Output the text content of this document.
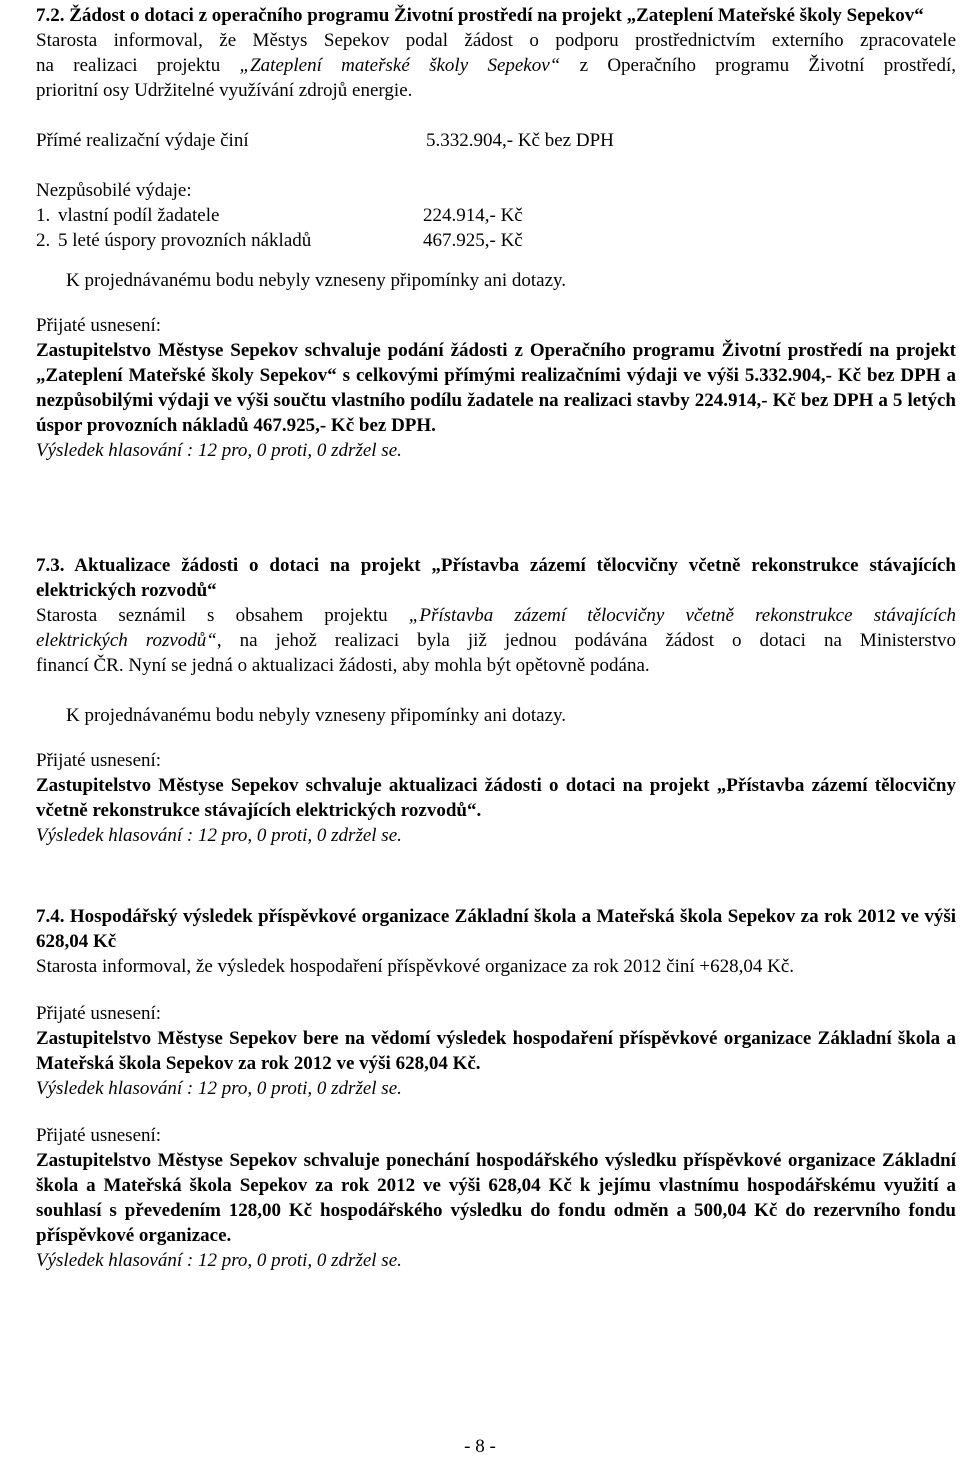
7.2. Žádost o dotaci z operačního programu Životní prostředí na projekt „Zateplení Mateřské školy Sepekov“

Starosta informoval, že Městys Sepekov podal žádost o podporu prostřednictvím externího zpracovatele

na realizaci projektu „Zateplení mateřské školy Sepekov“ z Operačního programu Životní prostředí,

prioritní osy Udržitelné využívání zdrojů energie.

Přímé realizační výdaje činí	5.332.904,- Kč bez DPH

Nezpůsobilé výdaje:

1. vlastní podíl žadatele	224.914,- Kč
2. 5 leté úspory provozních nákladů	467.925,- Kč

K projednávanému bodu nebyly vzneseny připomínky ani dotazy.

Přijaté usnesení:

Zastupitelstvo Městyse Sepekov schvaluje podání žádosti z Operačního programu Životní prostředí na projekt „Zateplení Mateřské školy Sepekov“ s celkovými přímými realizačními výdaji ve výši 5.332.904,- Kč bez DPH a nezpůsobilými výdaji ve výši součtu vlastního podílu žadatele na realizaci stavby 224.914,- Kč bez DPH a 5 letých úspor provozních nákladů 467.925,- Kč bez DPH.

Výsledek hlasování : 12 pro, 0 proti, 0 zdržel se.

7.3. Aktualizace žádosti o dotaci na projekt „Přístavba zázemí tělocvičny včetně rekonstrukce stávajících elektrických rozvodů“

Starosta seznámil s obsahem projektu „Přístavba zázemí tělocvičny včetně rekonstrukce stávajících

elektrických rozvodů“, na jehož realizaci byla již jednou podávána žádost o dotaci na Ministerstvo

financí ČR. Nyní se jedná o aktualizaci žádosti, aby mohla být opětovně podána.

K projednávanému bodu nebyly vzneseny připomínky ani dotazy.

Přijaté usnesení:

Zastupitelstvo Městyse Sepekov schvaluje aktualizaci žádosti o dotaci na projekt „Přístavba zázemí tělocvičny včetně rekonstrukce stávajících elektrických rozvodů“.

Výsledek hlasování : 12 pro, 0 proti, 0 zdržel se.

7.4. Hospodářský výsledek příspěvkové organizace Základní škola a Mateřská škola Sepekov za rok 2012 ve výši 628,04 Kč

Starosta informoval, že výsledek hospodaření příspěvkové organizace za rok 2012 činí +628,04 Kč.

Přijaté usnesení:

Zastupitelstvo Městyse Sepekov bere na vědomí výsledek hospodaření příspěvkové organizace Základní škola a Mateřská škola Sepekov za rok 2012 ve výši 628,04 Kč.

Výsledek hlasování : 12 pro, 0 proti, 0 zdržel se.

Přijaté usnesení:

Zastupitelstvo Městyse Sepekov schvaluje ponechání hospodářského výsledku příspěvkové organizace Základní škola a Mateřská škola Sepekov za rok 2012 ve výši 628,04 Kč k jejímu vlastnímu hospodářskému využití a souhlasí s převedením 128,00 Kč hospodářského výsledku do fondu odměn a 500,04 Kč do rezervního fondu příspěvkové organizace.

Výsledek hlasování : 12 pro, 0 proti, 0 zdržel se.

- 8 -
